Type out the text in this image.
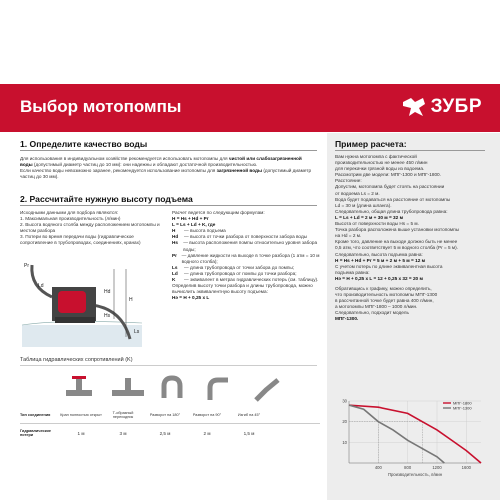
Выбор мотопомпы	ЗУБР
1. Определите качество воды
Для использования в индивидуальном хозяйстве рекомендуется использовать мотопомпы для чистой или слабозагрязненной воды (допустимый диаметр частиц до 10 мм): они надежны и обладают достаточной производительностью.
Если качество воды невозможно заранее, рекомендуется использование мотопомпы для загрязненной воды (допустимый диаметр частиц до 30 мм).
2. Рассчитайте нужную высоту подъема
Исходными данными для подбора являются:
1. Максимальная производительность (л/мин)
2. Высота водяного столба между расположением мотопомпы и местом разбора
3. Потери во время передачи воды (гидравлическое сопротивление в трубопроводах, соединениях, кранах)
Pr
Ld
Hd
H
Hs
Ls
Расчет ведется по следующим формулам:
H = Hs + Hd + Pr
L = Ls + Ld + K, где
H	— высота подъема
Hd	— высота от точки разбора от поверхности забора воды
Hs	— высота расположения помпы относительно уровня забора воды;
Pr — давление жидкости на выходе в точке разбора (1 атм = 10 м водного столба);
Ls	— длина трубопровода от точки забора до помпы;
Ld	— длина трубопровода от помпы до точки разбора;
K	— эквивалент в метрах гидравлических потерь (см. таблицу).
Определив высоту точки разбора и длины трубопровода, можно вычислить эквивалентную высоту подъема:
Hэ = H + 0,25 x L
Таблица гидравлических сопротивлений (K)
Тип соединения	Кран полностью открыт	Т-образный переходник	Разворот на 180°	Разворот на 90°	Изгиб на 45°
Гидравлические потери	1 м	3 м	2,5 м	2 м	1,5 м
Пример расчета:
Вам нужна мотопомпа с фактической
производительностью не менее 450 л/мин
для перекачки грязной воды из водоема.
Рассмотрим две модели: МПГ-1300 и МПГ-1800.
Расстояние:
Допустим, мотопомпа будет стоять на расстоянии
от водоема Ls = 2 м.
Вода будет подаваться на расстояние от мотопомпы
Ld = 30 м (длина шланга).
Следовательно, общая длина трубопровода равна:
L = Ls + Ld = 2 м + 30 м = 32 м
Высота от поверхности воды Hs = 5 м.
Точка разбора расположена выше установки мотопомпы
на Hd = 2 м.
Кроме того, давление на выходе должно быть не менее
0,5 атм, что соответствует 5 м водного столба (Pr = 5 м).
Следовательно, высота подъема равна:
H = Hs + Hd + Pr = 5 м + 2 м + 5 м = 12 м
С учетом потерь по длине эквивалентная высота
подъема равна:
Hэ = H + 0,25 x L = 12 + 0,25 x 32 = 20 м
Обративщись к графику, можно определить,
что производительность мотопомпы МПГ-1300
в рассчитанной точке будет равна 400 л/мин,
а мотопомпы МПГ-1800 – 1000 л/мин.
Следовательно, подходит модель
МПГ-1300.
10
20
30
400	800	1200	1600
МПГ-1800
МПГ-1300
Производительность, л/мин
